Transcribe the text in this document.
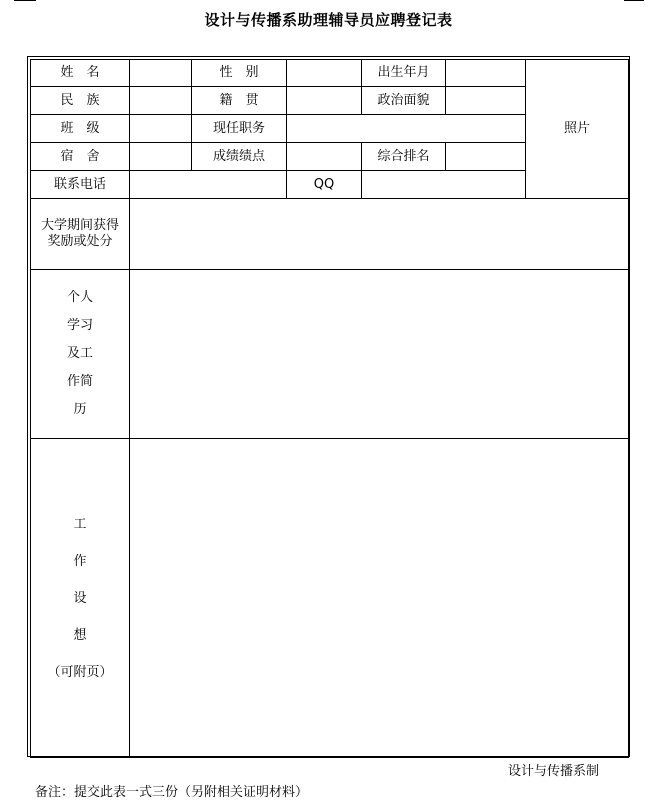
设计与传播系助理辅导员应聘登记表
姓　名		性　别		出生年月		照片
民　族		籍　贯		政治面貌		
班　级		现任职务				
宿　舍		成绩绩点		综合排名		
联系电话			QQ			
大学期间获得奖励或处分						

个人
学习
及工
作简
历						

工
作
设
想
（可附页）						

设计与传播系制
备注：提交此表一式三份（另附相关证明材料）
